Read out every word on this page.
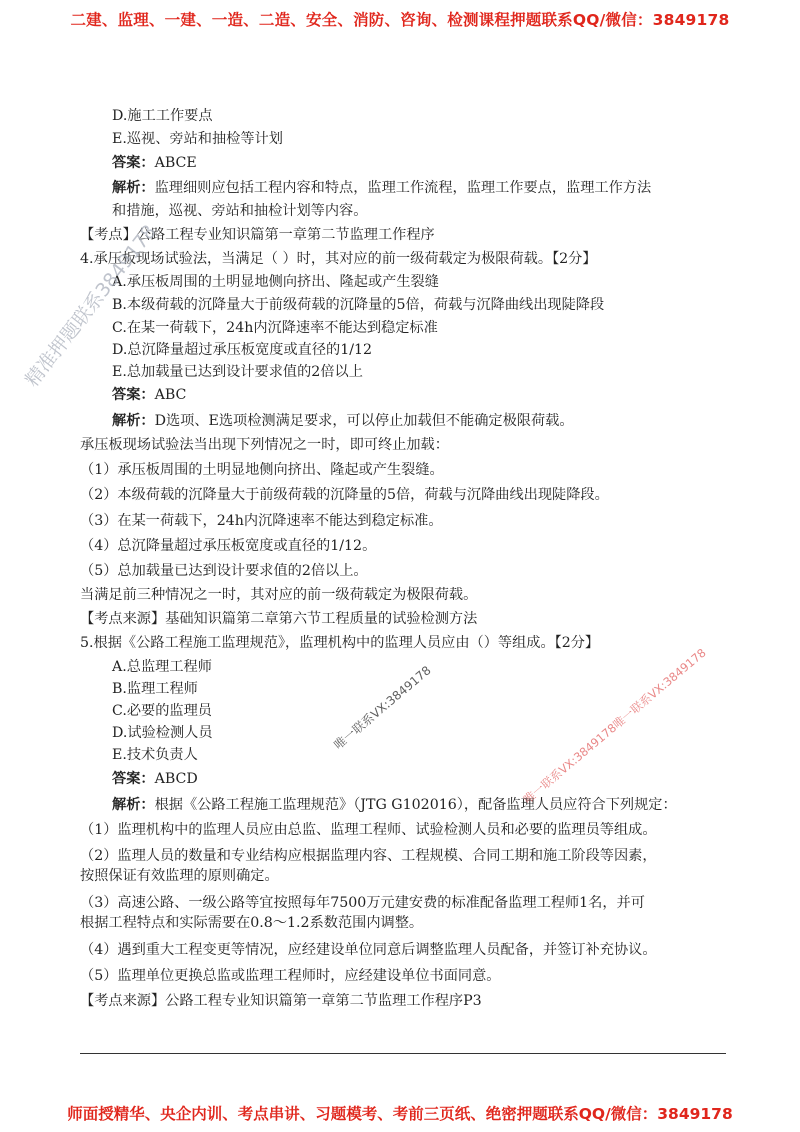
二建、监理、一建、一造、二造、安全、消防、咨询、检测课程押题联系QQ/微信：3849178
D.施工工作要点
E.巡视、旁站和抽检等计划
答案：ABCE
解析：监理细则应包括工程内容和特点，监理工作流程，监理工作要点，监理工作方法
和措施，巡视、旁站和抽检计划等内容。
【考点】公路工程专业知识篇第一章第二节监理工作程序
4.承压板现场试验法，当满足（ ）时，其对应的前一级荷载定为极限荷载。【2分】
A.承压板周围的土明显地侧向挤出、隆起或产生裂缝
B.本级荷载的沉降量大于前级荷载的沉降量的5倍，荷载与沉降曲线出现陡降段
C.在某一荷载下，24h内沉降速率不能达到稳定标准
D.总沉降量超过承压板宽度或直径的1/12
E.总加载量已达到设计要求值的2倍以上
答案：ABC
解析：D选项、E选项检测满足要求，可以停止加载但不能确定极限荷载。
承压板现场试验法当出现下列情况之一时，即可终止加载：
（1）承压板周围的土明显地侧向挤出、隆起或产生裂缝。
（2）本级荷载的沉降量大于前级荷载的沉降量的5倍，荷载与沉降曲线出现陡降段。
（3）在某一荷载下，24h内沉降速率不能达到稳定标准。
（4）总沉降量超过承压板宽度或直径的1/12。
（5）总加载量已达到设计要求值的2倍以上。
当满足前三种情况之一时，其对应的前一级荷载定为极限荷载。
【考点来源】基础知识篇第二章第六节工程质量的试验检测方法
5.根据《公路工程施工监理规范》，监理机构中的监理人员应由（）等组成。【2分】
A.总监理工程师
B.监理工程师
C.必要的监理员
D.试验检测人员
E.技术负责人
答案：ABCD
解析：根据《公路工程施工监理规范》（JTG G102016），配备监理人员应符合下列规定：
（1）监理机构中的监理人员应由总监、监理工程师、试验检测人员和必要的监理员等组成。
（2）监理人员的数量和专业结构应根据监理内容、工程规模、合同工期和施工阶段等因素，
按照保证有效监理的原则确定。
（3）高速公路、一级公路等宜按照每年7500万元建安费的标准配备监理工程师1名，并可
根据工程特点和实际需要在0.8～1.2系数范围内调整。
（4）遇到重大工程变更等情况，应经建设单位同意后调整监理人员配备，并签订补充协议。
（5）监理单位更换总监或监理工程师时，应经建设单位书面同意。
【考点来源】公路工程专业知识篇第一章第二节监理工作程序P3
师面授精华、央企内训、考点串讲、习题模考、考前三页纸、绝密押题联系QQ/微信：3849178
精准押题联系3849178
唯一联系VX:3849178	唯一联系VX:3849178唯一联系VX:3849178
